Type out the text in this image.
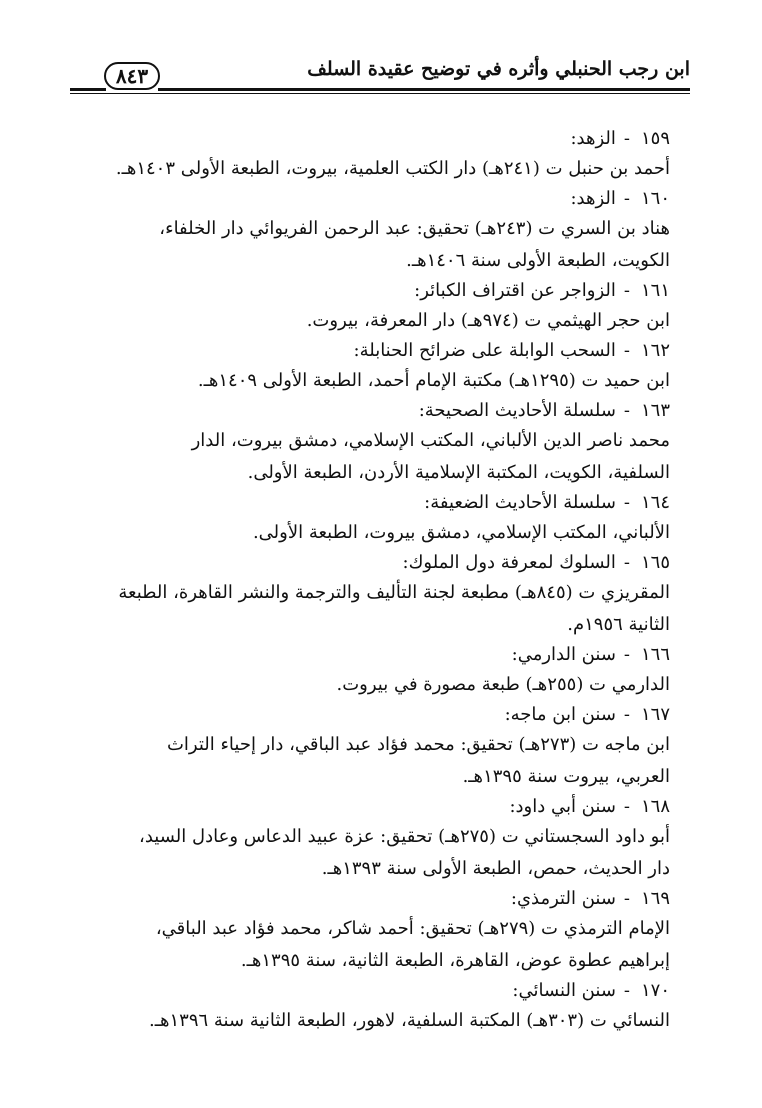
ابن رجب الحنبلي وأثره في توضيح عقيدة السلف
٨٤٣
١٥٩
-
الزهد:
أحمد بن حنبل ت (٢٤١هـ) دار الكتب العلمية، بيروت، الطبعة الأولى ١٤٠٣هـ.
١٦٠
-
الزهد:
هناد بن السري ت (٢٤٣هـ) تحقيق: عبد الرحمن الفريوائي دار الخلفاء،
الكويت، الطبعة الأولى سنة ١٤٠٦هـ.
١٦١
-
الزواجر عن اقتراف الكبائر:
ابن حجر الهيثمي ت (٩٧٤هـ) دار المعرفة، بيروت.
١٦٢
-
السحب الوابلة على ضرائح الحنابلة:
ابن حميد ت (١٢٩٥هـ) مكتبة الإمام أحمد، الطبعة الأولى ١٤٠٩هـ.
١٦٣
-
سلسلة الأحاديث الصحيحة:
محمد ناصر الدين الألباني، المكتب الإسلامي، دمشق بيروت، الدار
السلفية، الكويت، المكتبة الإسلامية الأردن، الطبعة الأولى.
١٦٤
-
سلسلة الأحاديث الضعيفة:
الألباني، المكتب الإسلامي، دمشق بيروت، الطبعة الأولى.
١٦٥
-
السلوك لمعرفة دول الملوك:
المقريزي ت (٨٤٥هـ) مطبعة لجنة التأليف والترجمة والنشر القاهرة، الطبعة
الثانية ١٩٥٦م.
١٦٦
-
سنن الدارمي:
الدارمي ت (٢٥٥هـ) طبعة مصورة في بيروت.
١٦٧
-
سنن ابن ماجه:
ابن ماجه ت (٢٧٣هـ) تحقيق: محمد فؤاد عبد الباقي، دار إحياء التراث
العربي، بيروت سنة ١٣٩٥هـ.
١٦٨
-
سنن أبي داود:
أبو داود السجستاني ت (٢٧٥هـ) تحقيق: عزة عبيد الدعاس وعادل السيد،
دار الحديث، حمص، الطبعة الأولى سنة ١٣٩٣هـ.
١٦٩
-
سنن الترمذي:
الإمام الترمذي ت (٢٧٩هـ) تحقيق: أحمد شاكر، محمد فؤاد عبد الباقي،
إبراهيم عطوة عوض، القاهرة، الطبعة الثانية، سنة ١٣٩٥هـ.
١٧٠
-
سنن النسائي:
النسائي ت (٣٠٣هـ) المكتبة السلفية، لاهور، الطبعة الثانية سنة ١٣٩٦هـ.
